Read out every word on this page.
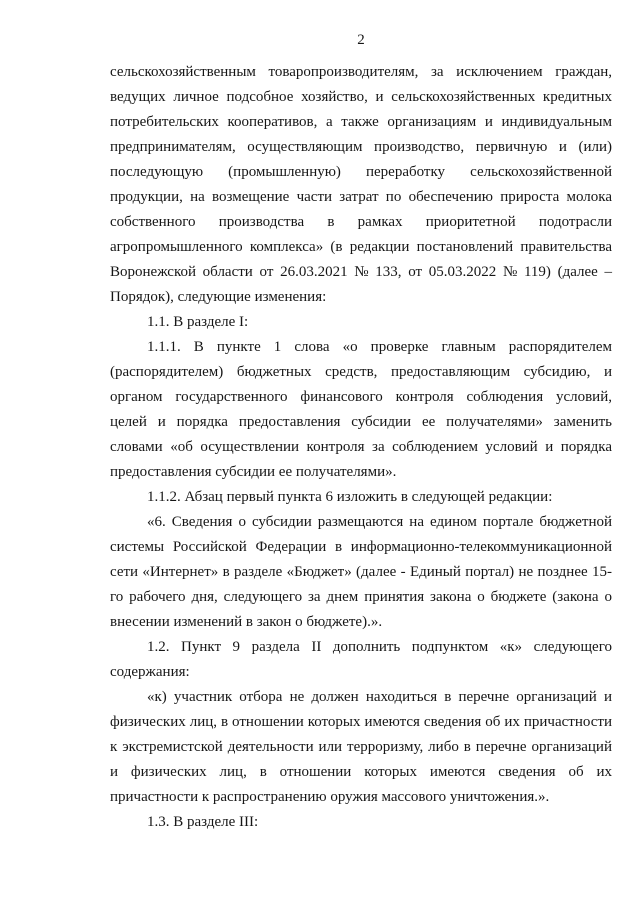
2
сельскохозяйственным товаропроизводителям, за исключением граждан,
ведущих личное подсобное хозяйство, и сельскохозяйственных кредитных
потребительских кооперативов, а также организациям и индивидуальным
предпринимателям, осуществляющим производство, первичную и (или)
последующую (промышленную) переработку сельскохозяйственной
продукции, на возмещение части затрат по обеспечению прироста молока
собственного производства в рамках приоритетной подотрасли
агропромышленного комплекса» (в редакции постановлений правительства
Воронежской области от 26.03.2021 № 133, от 05.03.2022 № 119) (далее –
Порядок), следующие изменения:
1.1. В разделе I:
1.1.1. В пункте 1 слова «о проверке главным распорядителем
(распорядителем) бюджетных средств, предоставляющим субсидию, и
органом государственного финансового контроля соблюдения условий,
целей и порядка предоставления субсидии ее получателями» заменить
словами «об осуществлении контроля за соблюдением условий и порядка
предоставления субсидии ее получателями».
1.1.2. Абзац первый пункта 6 изложить в следующей редакции:
«6. Сведения о субсидии размещаются на едином портале бюджетной
системы Российской Федерации в информационно-телекоммуникационной
сети «Интернет» в разделе «Бюджет» (далее - Единый портал) не позднее 15-
го рабочего дня, следующего за днем принятия закона о бюджете (закона о
внесении изменений в закон о бюджете).».
1.2. Пункт 9 раздела II дополнить подпунктом «к» следующего
содержания:
«к) участник отбора не должен находиться в перечне организаций и
физических лиц, в отношении которых имеются сведения об их причастности
к экстремистской деятельности или терроризму, либо в перечне организаций
и физических лиц, в отношении которых имеются сведения об их
причастности к распространению оружия массового уничтожения.».
1.3. В разделе III:
